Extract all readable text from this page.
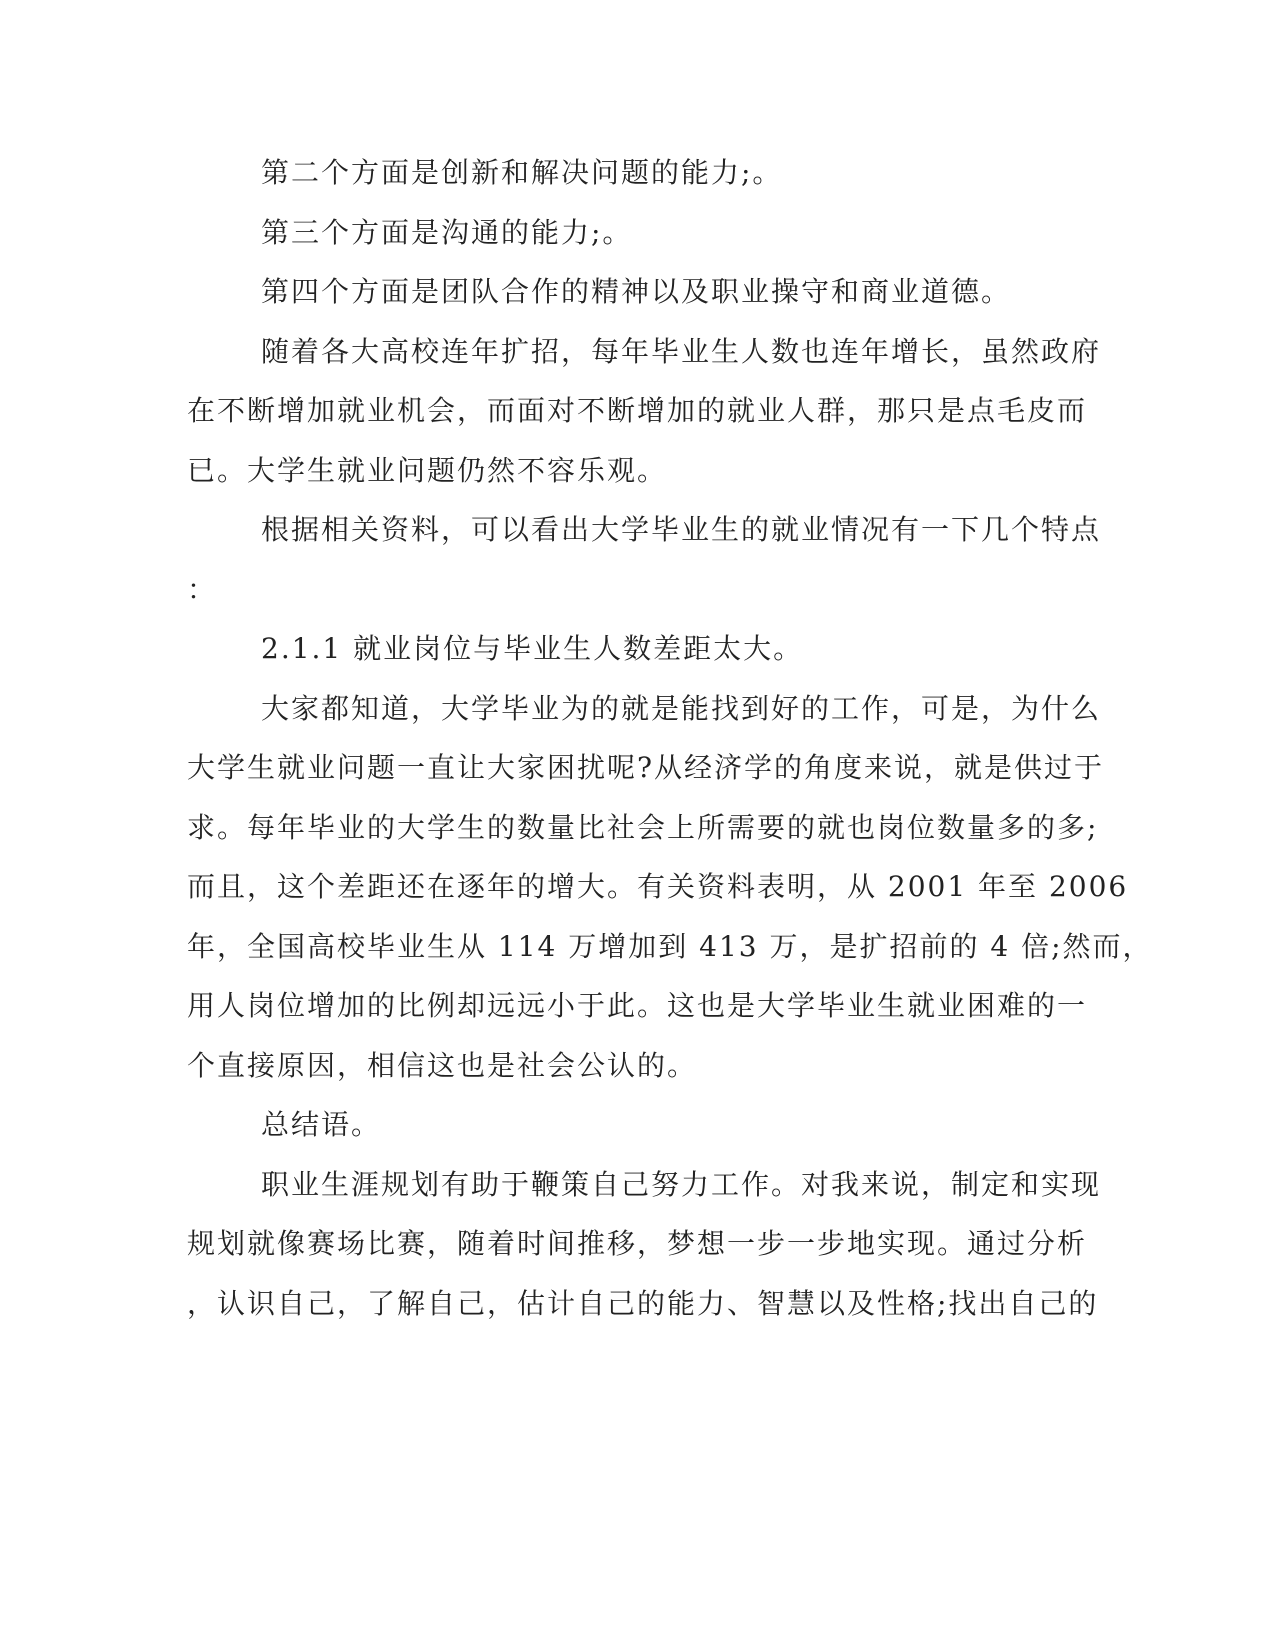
第二个方面是创新和解决问题的能力;。
第三个方面是沟通的能力;。
第四个方面是团队合作的精神以及职业操守和商业道德。
随着各大高校连年扩招，每年毕业生人数也连年增长，虽然政府
在不断增加就业机会，而面对不断增加的就业人群，那只是点毛皮而
已。大学生就业问题仍然不容乐观。
根据相关资料，可以看出大学毕业生的就业情况有一下几个特点
：
2.1.1 就业岗位与毕业生人数差距太大。
大家都知道，大学毕业为的就是能找到好的工作，可是，为什么
大学生就业问题一直让大家困扰呢?从经济学的角度来说，就是供过于
求。每年毕业的大学生的数量比社会上所需要的就也岗位数量多的多;
而且，这个差距还在逐年的增大。有关资料表明，从 2001 年至 2006
年，全国高校毕业生从 114 万增加到 413 万，是扩招前的 4 倍;然而，
用人岗位增加的比例却远远小于此。这也是大学毕业生就业困难的一
个直接原因，相信这也是社会公认的。
总结语。
职业生涯规划有助于鞭策自己努力工作。对我来说，制定和实现
规划就像赛场比赛，随着时间推移，梦想一步一步地实现。通过分析
，认识自己，了解自己，估计自己的能力、智慧以及性格;找出自己的
